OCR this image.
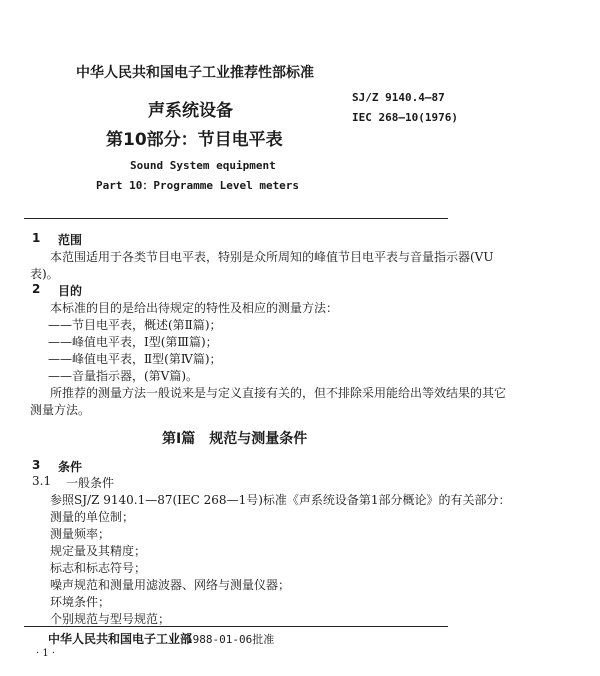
中华人民共和国电子工业推荐性部标准
SJ/Z 9140.4—87
IEC 268—10(1976)
声系统设备
第10部分：节目电平表
Sound System equipment
Part 10：Programme Level meters
1 范围
本范围适用于各类节目电平表，特别是众所周知的峰值节目电平表与音量指示器(VU
表)。
2 目的
本标准的目的是给出待规定的特性及相应的测量方法：
——节目电平表，概述(第Ⅱ篇)；
——峰值电平表，Ⅰ型(第Ⅲ篇)；
——峰值电平表，Ⅱ型(第Ⅳ篇)；
——音量指示器，(第Ⅴ篇)。
所推荐的测量方法一般说来是与定义直接有关的，但不排除采用能给出等效结果的其它
测量方法。
第Ⅰ篇　规范与测量条件
3 条件
3.1 一般条件
参照SJ/Z 9140.1—87(IEC 268—1号)标准《声系统设备第1部分概论》的有关部分：
测量的单位制；
测量频率；
规定量及其精度；
标志和标志符号；
噪声规范和测量用滤波器、网络与测量仪器；
环境条件；
个别规范与型号规范；
中华人民共和国电子工业部
1988-01-06批准
· 1 ·
